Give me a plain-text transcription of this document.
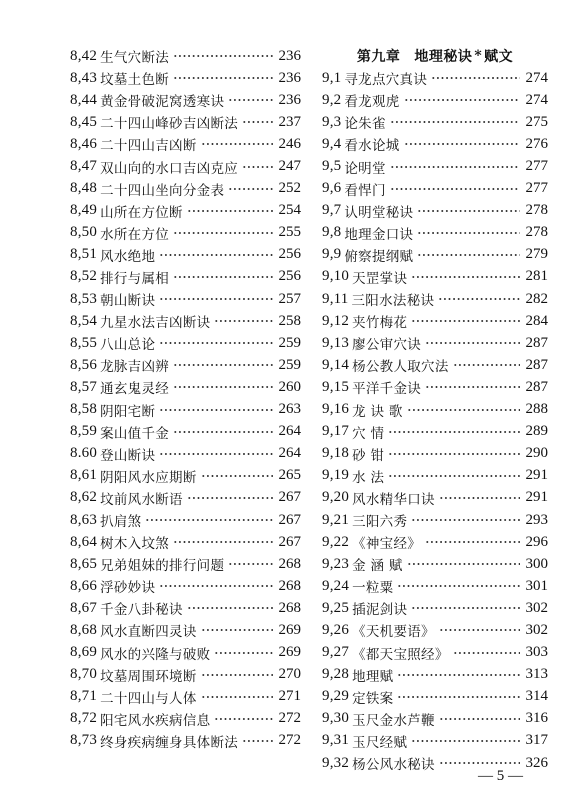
8,42 生气穴断法	236
8,43 坟墓土色断	236
8,44 黄金骨破泥窝透寒诀	236
8,45 二十四山峰砂吉凶断法	237
8,46 二十四山吉凶断	246
8,47 双山向的水口吉凶克应	247
8,48 二十四山坐向分金表	252
8,49 山所在方位断	254
8,50 水所在方位	255
8,51 风水绝地	256
8,52 排行与属相	256
8,53 朝山断诀	257
8,54 九星水法吉凶断诀	258
8,55 八山总论	259
8,56 龙脉吉凶辨	259
8,57 通玄鬼灵经	260
8,58 阴阳宅断	263
8,59 案山值千金	264
8.60 登山断诀	264
8,61 阴阳风水应期断	265
8,62 坟前风水断语	267
8,63 扒肩煞	267
8,64 树木入坟煞	267
8,65 兄弟姐妹的排行问题	268
8,66 浮砂妙诀	268
8,67 千金八卦秘诀	268
8,68 风水直断四灵诀	269
8,69 风水的兴隆与破败	269
8,70 坟墓周围环境断	270
8,71 二十四山与人体	271
8,72 阳宅风水疾病信息	272
8,73 终身疾病缠身具体断法	272
第九章 地理秘诀 * 赋文
9,1 寻龙点穴真诀	274
9,2 看龙观虎	274
9,3 论朱雀	275
9,4 看水论城	276
9,5 论明堂	277
9,6 看悍门	277
9,7 认明堂秘诀	278
9,8 地理金口诀	278
9,9 俯察提纲赋	279
9,10 天罡掌诀	281
9,11 三阳水法秘诀	282
9,12 夹竹梅花	284
9,13 廖公审穴诀	287
9,14 杨公教人取穴法	287
9,15 平洋千金诀	287
9,16 龙 诀 歌	288
9,17 穴 情	289
9,18 砂 钳	290
9,19 水 法	291
9,20 风水精华口诀	291
9,21 三阳六秀	293
9,22 《神宝经》	296
9,23 金 涵 赋	300
9,24 一粒粟	301
9,25 插泥剑诀	302
9,26 《天机要语》	302
9,27 《都天宝照经》	303
9,28 地理赋	313
9,29 定铁案	314
9,30 玉尺金水芦鞭	316
9,31 玉尺经赋	317
9,32 杨公风水秘诀	326
— 5 —
